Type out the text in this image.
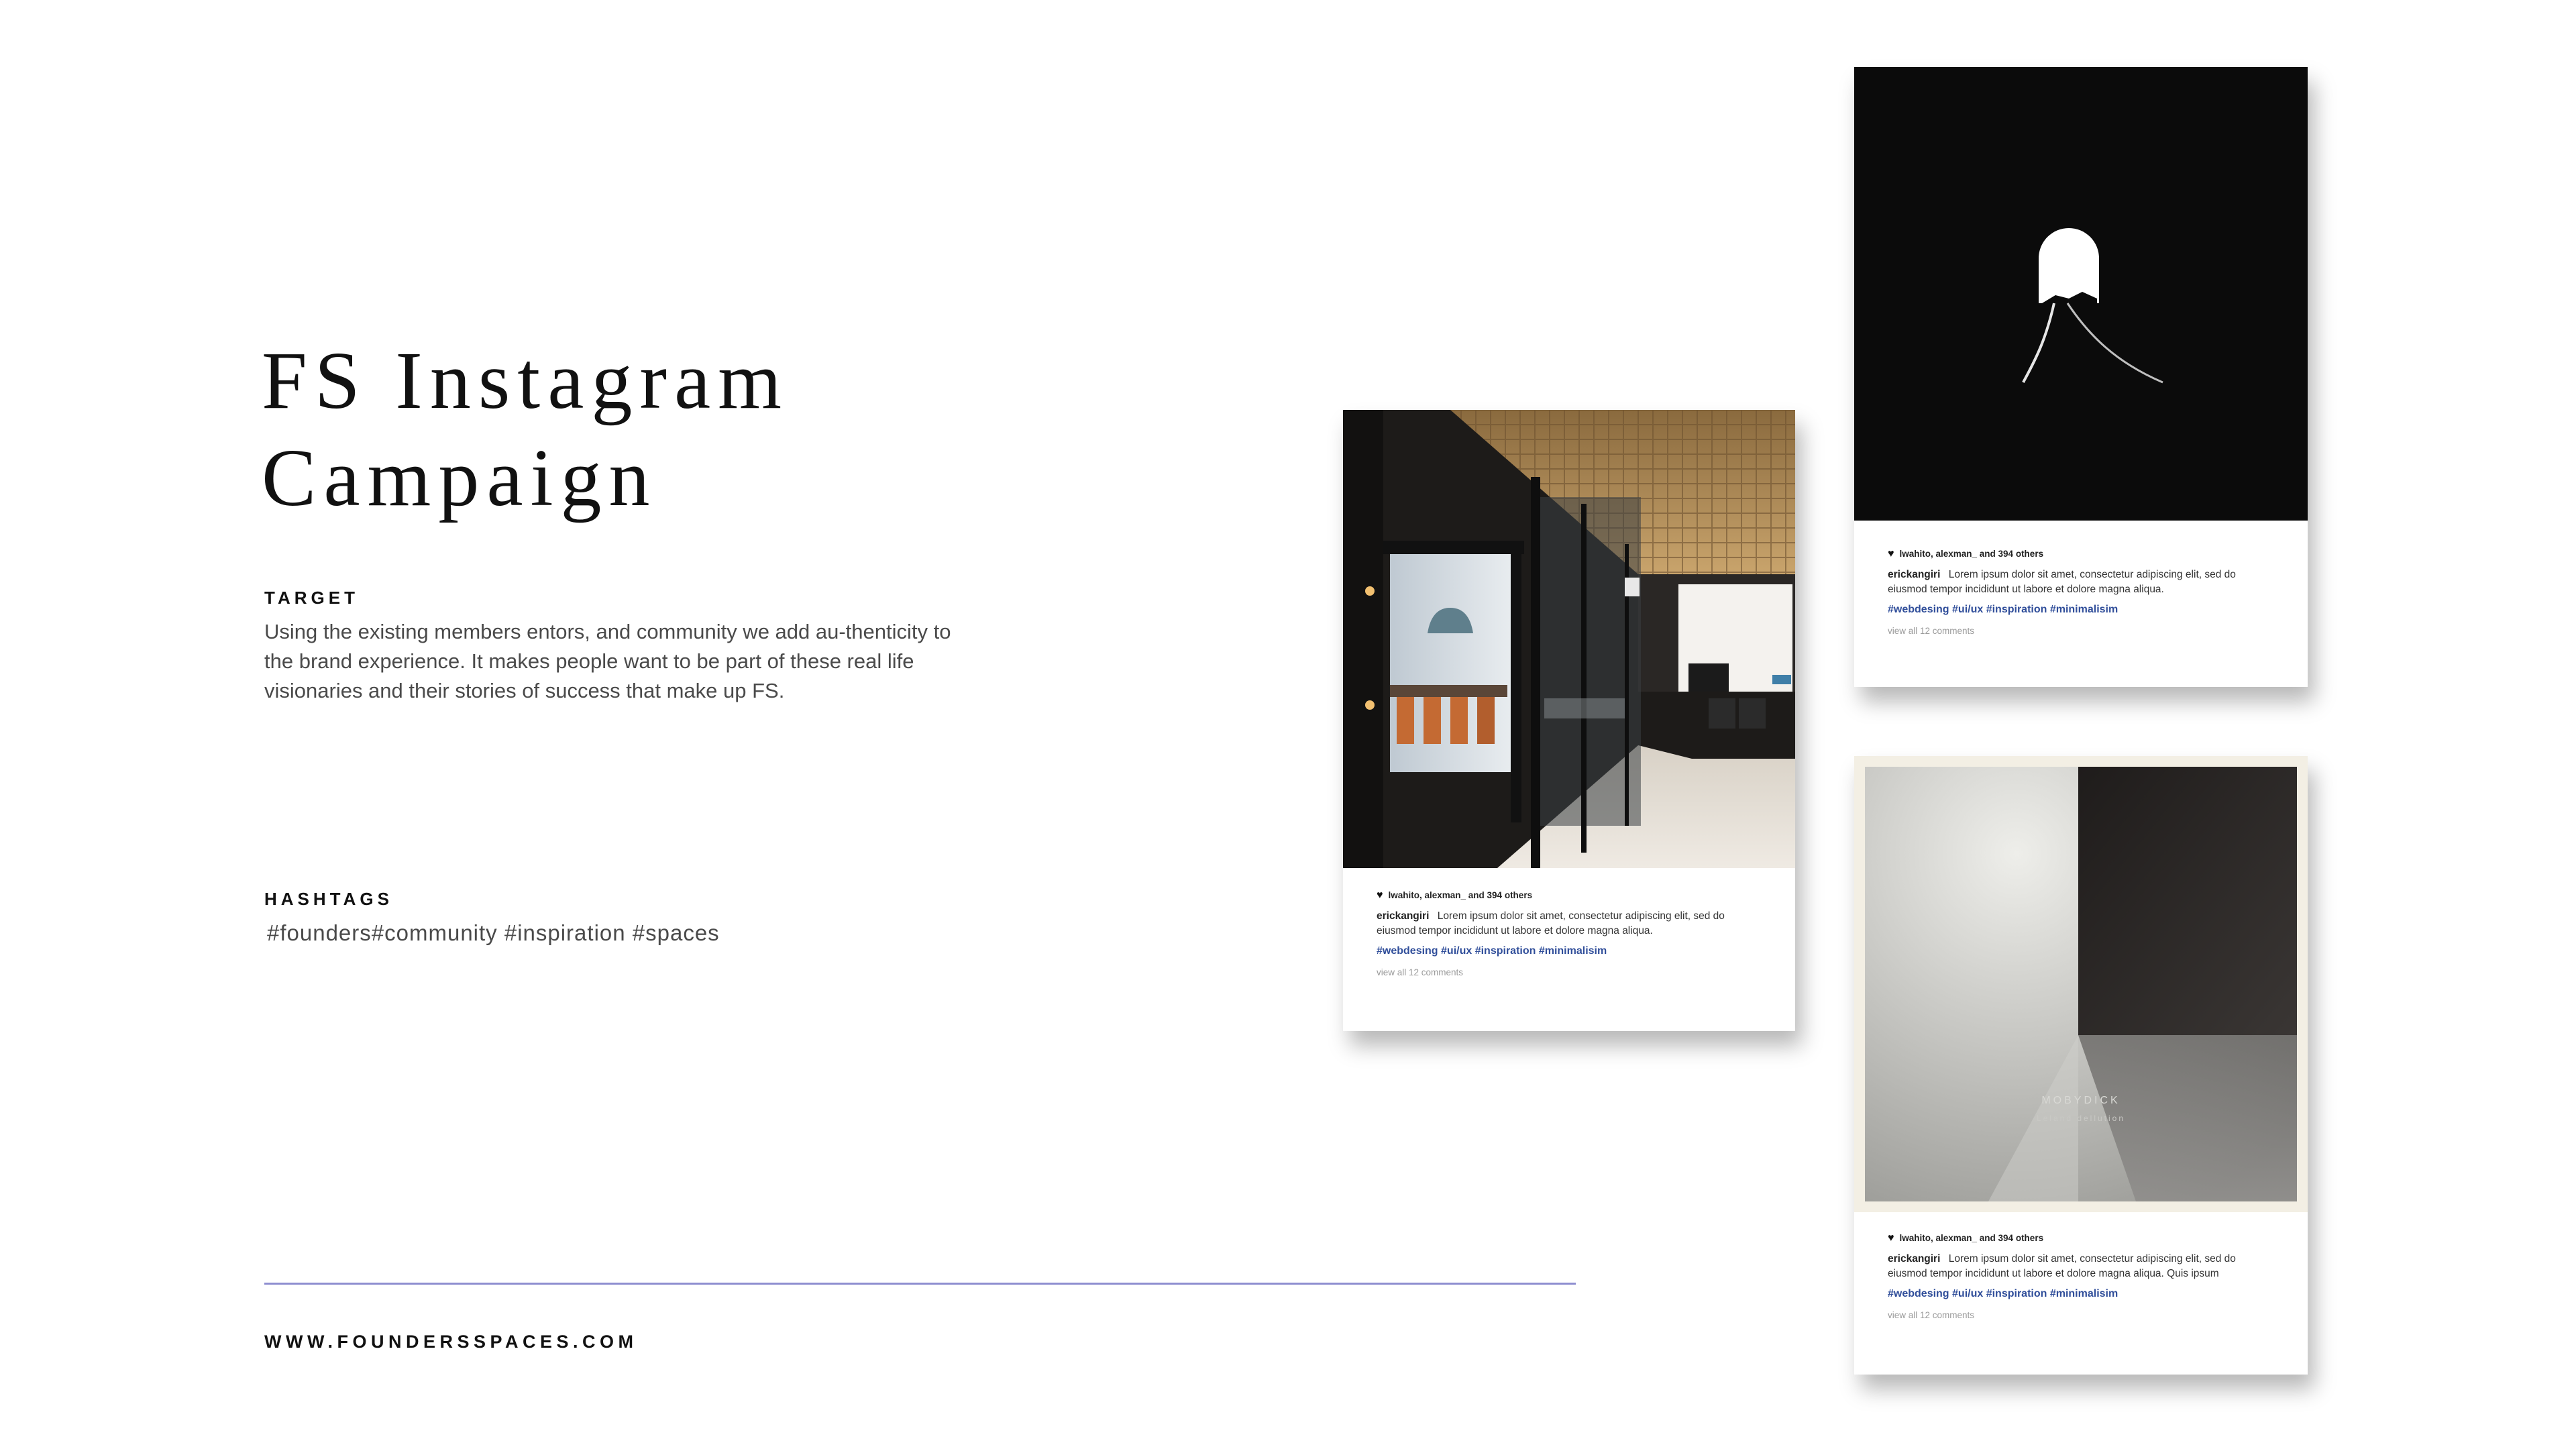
FS Instagram
Campaign
TARGET

Using the existing members entors, and community we add au-thenticity to the brand experience. It makes people want to be part of these real life visionaries and their stories of success that make up FS.

HASHTAGS
#founders#community #inspiration #spaces
WWW.FOUNDERSSPACES.COM
♥ lwahito, alexman_ and 394 others
erickangiri Lorem ipsum dolor sit amet, consectetur adipiscing elit, sed do
eiusmod tempor incididunt ut labore et dolore magna aliqua.
#webdesing #ui/ux #inspiration #minimalisim
view all 12 comments
♥ lwahito, alexman_ and 394 others
erickangiri Lorem ipsum dolor sit amet, consectetur adipiscing elit, sed do
eiusmod tempor incididunt ut labore et dolore magna aliqua.
#webdesing #ui/ux #inspiration #minimalisim
view all 12 comments
MOBYDICK
Leland dellution
♥ lwahito, alexman_ and 394 others
erickangiri Lorem ipsum dolor sit amet, consectetur adipiscing elit, sed do
eiusmod tempor incididunt ut labore et dolore magna aliqua. Quis ipsum
#webdesing #ui/ux #inspiration #minimalisim
view all 12 comments
